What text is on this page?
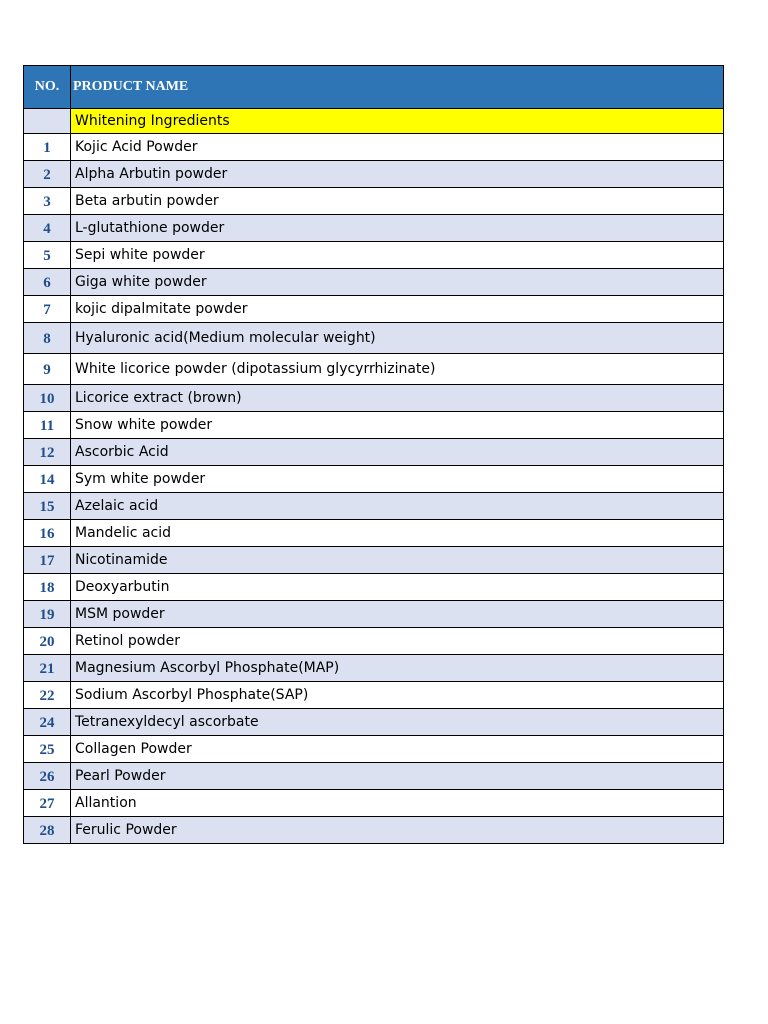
NO.	PRODUCT NAME
	Whitening Ingredients
1	Kojic Acid Powder
2	Alpha Arbutin powder
3	Beta arbutin powder
4	L-glutathione powder
5	Sepi white powder
6	Giga white powder
7	kojic dipalmitate powder
8	Hyaluronic acid(Medium molecular weight)
9	White licorice powder (dipotassium glycyrrhizinate)
10	Licorice extract (brown)
11	Snow white powder
12	Ascorbic Acid
14	Sym white powder
15	Azelaic acid
16	Mandelic acid
17	Nicotinamide
18	Deoxyarbutin
19	MSM powder
20	Retinol powder
21	Magnesium Ascorbyl Phosphate(MAP)
22	Sodium Ascorbyl Phosphate(SAP)
24	Tetranexyldecyl ascorbate
25	Collagen Powder
26	Pearl Powder
27	Allantion
28	Ferulic Powder
